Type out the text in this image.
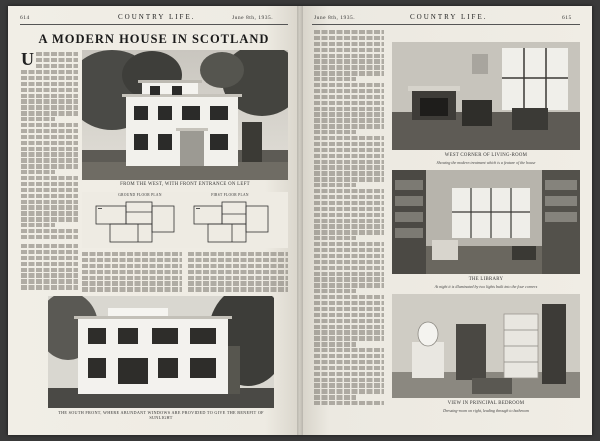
614	COUNTRY LIFE.	June 8th, 1935.
A MODERN HOUSE IN SCOTLAND
U
FROM THE WEST, WITH FRONT ENTRANCE ON LEFT
GROUND FLOOR PLAN	FIRST FLOOR PLAN
THE SOUTH FRONT, WHERE ABUNDANT WINDOWS ARE PROVIDED TO GIVE THE BENEFIT OF SUNLIGHT
June 8th, 1935.	COUNTRY LIFE.	615
WEST CORNER OF LIVING-ROOM
Showing the modern treatment which is a feature of the house
THE LIBRARY
At night it is illuminated by two lights built into the four corners
VIEW IN PRINCIPAL BEDROOM
Dressing-room on right, leading through to bathroom
